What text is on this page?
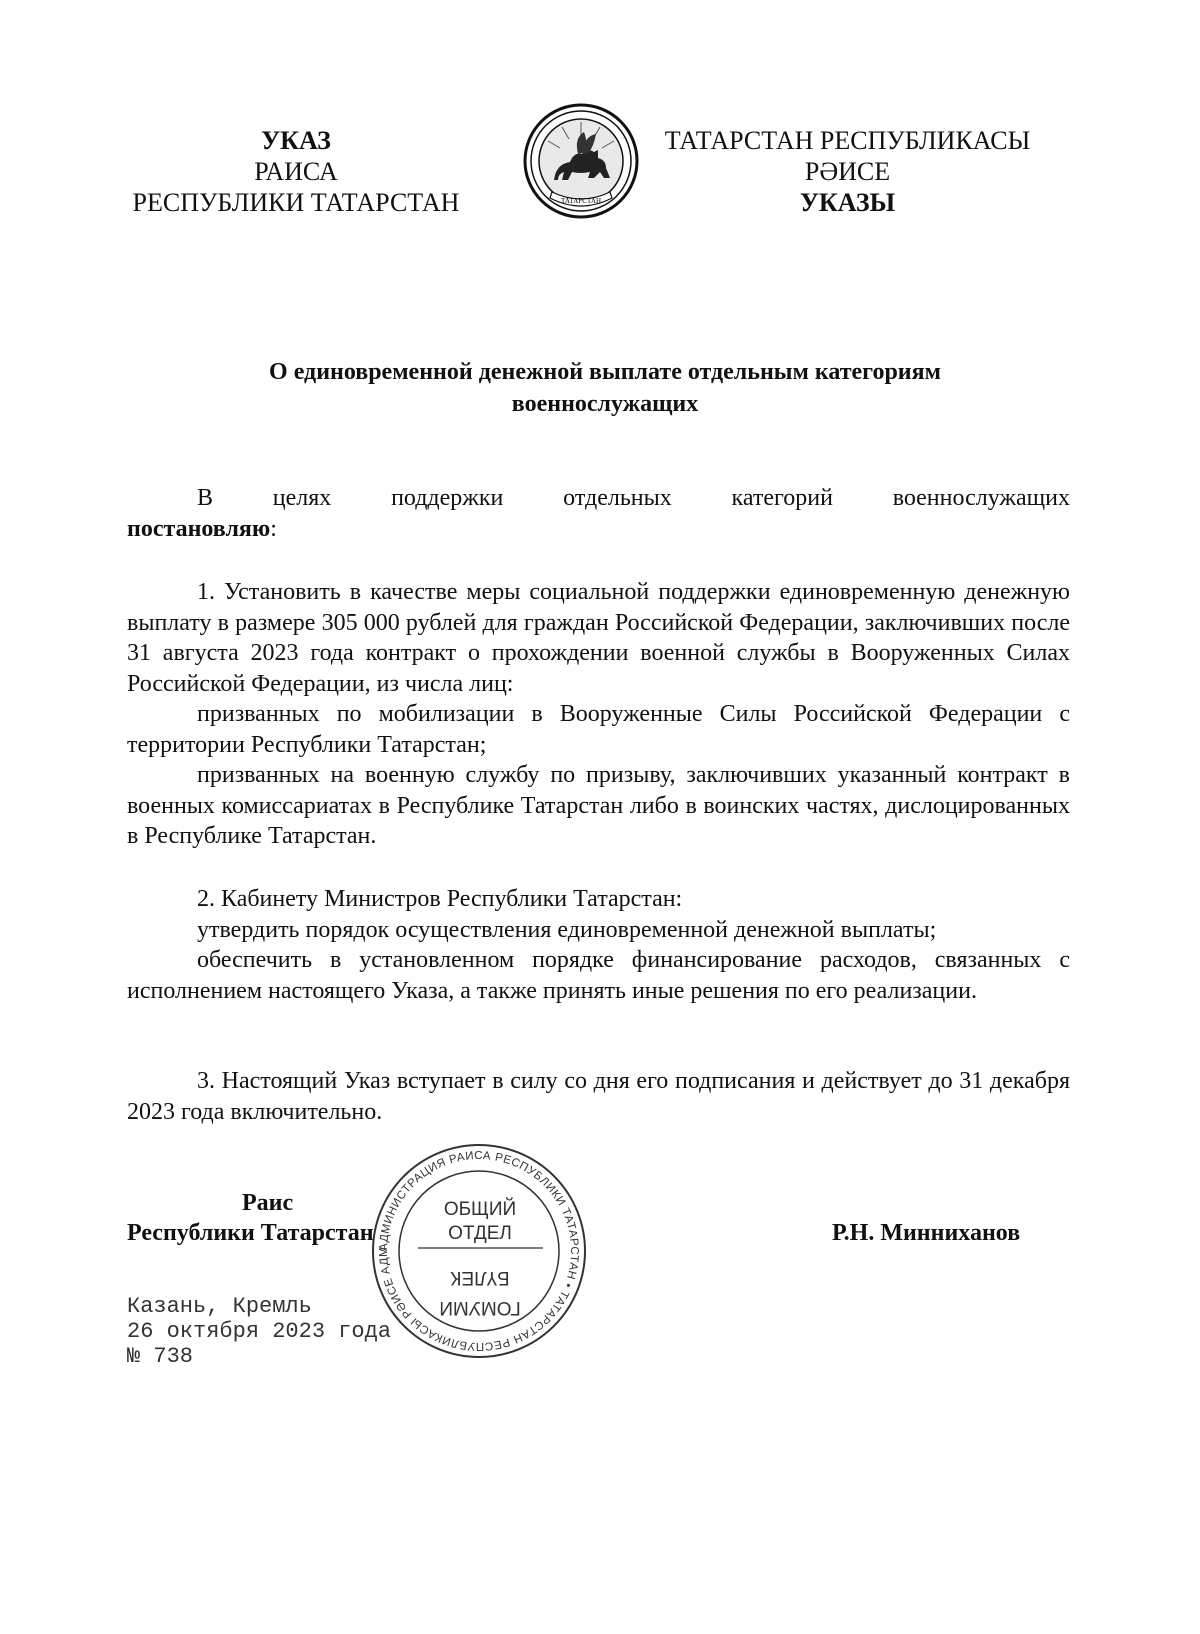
УКАЗ
РАИСА
РЕСПУБЛИКИ ТАТАРСТАН	ТАТАРСТАН
ТАТАРСТАН РЕСПУБЛИКАСЫ
РӘИСЕ
УКАЗЫ
О единовременной денежной выплате отдельным категориям
военнослужащих
В целях поддержки отдельных категорий военнослужащих
постановляю:

1. Установить в качестве меры социальной поддержки единовременную денежную выплату в размере 305 000 рублей для граждан Российской Федерации, заключивших после 31 августа 2023 года контракт о прохождении военной службы в Вооруженных Силах Российской Федерации, из числа лиц:

призванных по мобилизации в Вооруженные Силы Российской Федерации с территории Республики Татарстан;

призванных на военную службу по призыву, заключивших указанный контракт в военных комиссариатах в Республике Татарстан либо в воинских частях, дислоцированных в Республике Татарстан.

2. Кабинету Министров Республики Татарстан:

утвердить порядок осуществления единовременной денежной выплаты;

обеспечить в установленном порядке финансирование расходов, связанных с исполнением настоящего Указа, а также принять иные решения по его реализации.

3. Настоящий Указ вступает в силу со дня его подписания и действует до 31 декабря 2023 года включительно.

Раис
Республики Татарстан	Р.Н. Минниханов
АДМИНИСТРАЦИЯ РАИСА РЕСПУБЛИКИ ТАТАРСТАН • ТАТАРСТАН РЕСПУБЛИКАСЫ РӘИСЕ АДМ
ОБЩИЙ
ОТДЕЛ
БҮЛЕК
ГОМУМИ
Казань, Кремль
26 октября 2023 года
№ 738
